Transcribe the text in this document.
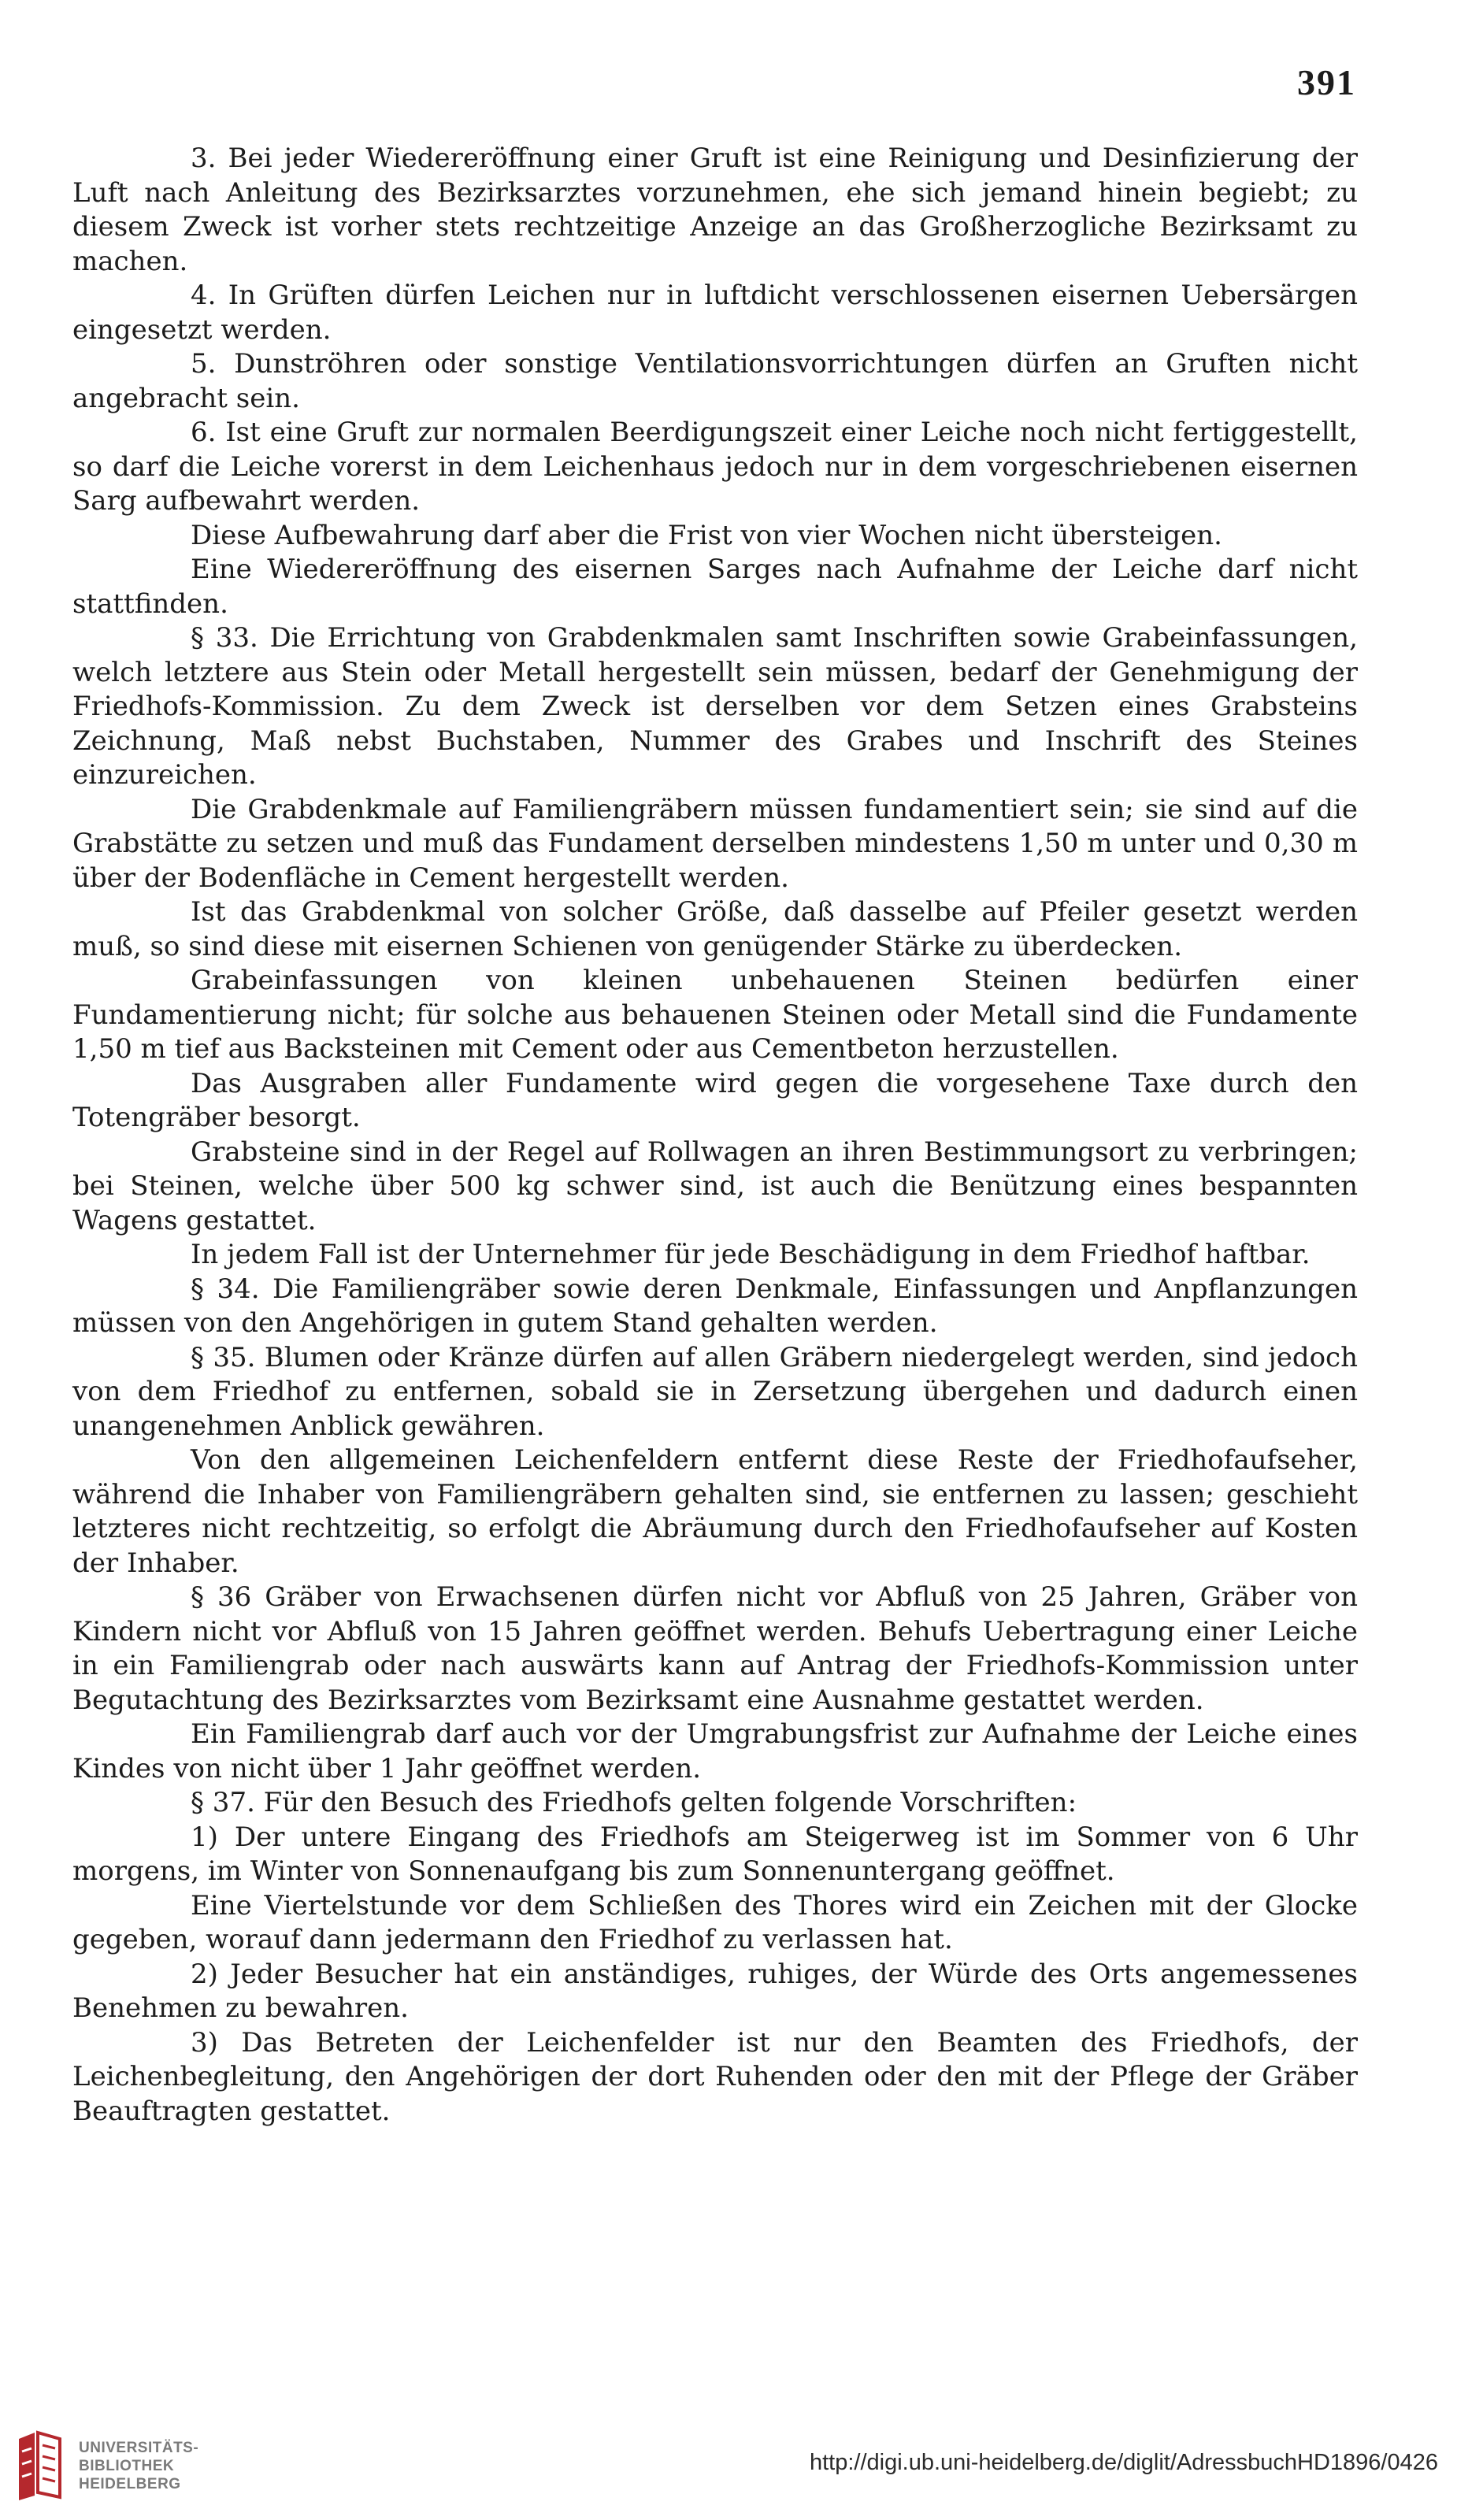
391

3. Bei jeder Wiedereröffnung einer Gruft ist eine Reinigung und Desinfizierung der Luft nach Anleitung des Bezirksarztes vorzunehmen, ehe sich jemand hinein begiebt; zu diesem Zweck ist vorher stets rechtzeitige Anzeige an das Großherzogliche Bezirksamt zu machen.

4. In Grüften dürfen Leichen nur in luftdicht verschlossenen eisernen Uebersärgen eingesetzt werden.

5. Dunströhren oder sonstige Ventilationsvorrichtungen dürfen an Gruften nicht angebracht sein.

6. Ist eine Gruft zur normalen Beerdigungszeit einer Leiche noch nicht fertiggestellt, so darf die Leiche vorerst in dem Leichenhaus jedoch nur in dem vorgeschriebenen eisernen Sarg aufbewahrt werden.

Diese Aufbewahrung darf aber die Frist von vier Wochen nicht übersteigen.

Eine Wiedereröffnung des eisernen Sarges nach Aufnahme der Leiche darf nicht stattfinden.

§ 33. Die Errichtung von Grabdenkmalen samt Inschriften sowie Grabeinfassungen, welch letztere aus Stein oder Metall hergestellt sein müssen, bedarf der Genehmigung der Friedhofs-Kommission. Zu dem Zweck ist derselben vor dem Setzen eines Grabsteins Zeichnung, Maß nebst Buchstaben, Nummer des Grabes und Inschrift des Steines einzureichen.

Die Grabdenkmale auf Familiengräbern müssen fundamentiert sein; sie sind auf die Grabstätte zu setzen und muß das Fundament derselben mindestens 1,50 m unter und 0,30 m über der Bodenfläche in Cement hergestellt werden.

Ist das Grabdenkmal von solcher Größe, daß dasselbe auf Pfeiler gesetzt werden muß, so sind diese mit eisernen Schienen von genügender Stärke zu überdecken.

Grabeinfassungen von kleinen unbehauenen Steinen bedürfen einer Fundamentierung nicht; für solche aus behauenen Steinen oder Metall sind die Fundamente 1,50 m tief aus Backsteinen mit Cement oder aus Cementbeton herzustellen.

Das Ausgraben aller Fundamente wird gegen die vorgesehene Taxe durch den Totengräber besorgt.

Grabsteine sind in der Regel auf Rollwagen an ihren Bestimmungsort zu verbringen; bei Steinen, welche über 500 kg schwer sind, ist auch die Benützung eines bespannten Wagens gestattet.

In jedem Fall ist der Unternehmer für jede Beschädigung in dem Friedhof haftbar.

§ 34. Die Familiengräber sowie deren Denkmale, Einfassungen und Anpflanzungen müssen von den Angehörigen in gutem Stand gehalten werden.

§ 35. Blumen oder Kränze dürfen auf allen Gräbern niedergelegt werden, sind jedoch von dem Friedhof zu entfernen, sobald sie in Zersetzung übergehen und dadurch einen unangenehmen Anblick gewähren.

Von den allgemeinen Leichenfeldern entfernt diese Reste der Friedhofaufseher, während die Inhaber von Familiengräbern gehalten sind, sie entfernen zu lassen; geschieht letzteres nicht rechtzeitig, so erfolgt die Abräumung durch den Friedhofaufseher auf Kosten der Inhaber.

§ 36 Gräber von Erwachsenen dürfen nicht vor Abfluß von 25 Jahren, Gräber von Kindern nicht vor Abfluß von 15 Jahren geöffnet werden. Behufs Uebertragung einer Leiche in ein Familiengrab oder nach auswärts kann auf Antrag der Friedhofs-Kommission unter Begutachtung des Bezirksarztes vom Bezirksamt eine Ausnahme gestattet werden.

Ein Familiengrab darf auch vor der Umgrabungsfrist zur Aufnahme der Leiche eines Kindes von nicht über 1 Jahr geöffnet werden.

§ 37. Für den Besuch des Friedhofs gelten folgende Vorschriften:

1) Der untere Eingang des Friedhofs am Steigerweg ist im Sommer von 6 Uhr morgens, im Winter von Sonnenaufgang bis zum Sonnenuntergang geöffnet.

Eine Viertelstunde vor dem Schließen des Thores wird ein Zeichen mit der Glocke gegeben, worauf dann jedermann den Friedhof zu verlassen hat.

2) Jeder Besucher hat ein anständiges, ruhiges, der Würde des Orts angemessenes Benehmen zu bewahren.

3) Das Betreten der Leichenfelder ist nur den Beamten des Friedhofs, der Leichenbegleitung, den Angehörigen der dort Ruhenden oder den mit der Pflege der Gräber Beauftragten gestattet.

UNIVERSITÄTS-
BIBLIOTHEK
HEIDELBERG
http://digi.ub.uni-heidelberg.de/diglit/AdressbuchHD1896/0426
